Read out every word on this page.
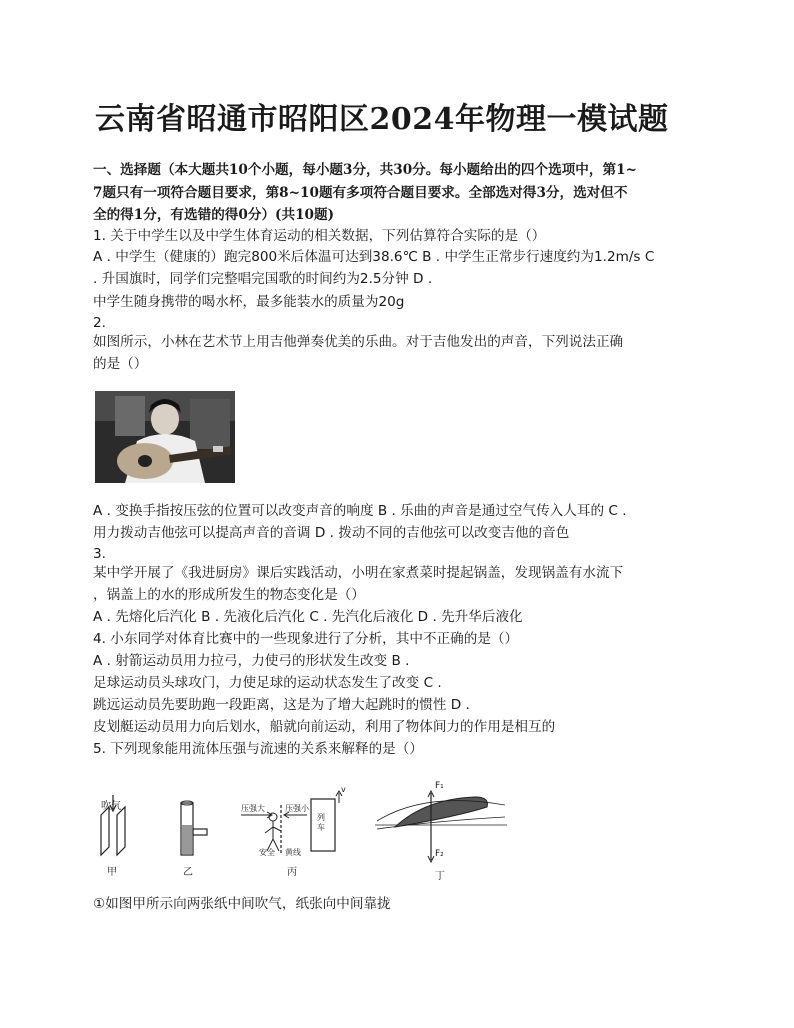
云南省昭通市昭阳区2024年物理一模试题
一、选择题（本大题共10个小题，每小题3分，共30分。每小题给出的四个选项中，第1~
7题只有一项符合题目要求，第8~10题有多项符合题目要求。全部选对得3分，选对但不
全的得1分，有选错的得0分）(共10题)
1. 关于中学生以及中学生体育运动的相关数据，下列估算符合实际的是（）
A . 中学生（健康的）跑完800米后体温可达到38.6℃ B . 中学生正常步行速度约为1.2m/s C
. 升国旗时，同学们完整唱完国歌的时间约为2.5分钟 D .
中学生随身携带的喝水杯，最多能装水的质量为20g
2.
如图所示，小林在艺术节上用吉他弹奏优美的乐曲。对于吉他发出的声音，下列说法正确
的是（）
A . 变换手指按压弦的位置可以改变声音的响度 B . 乐曲的声音是通过空气传入人耳的 C .
用力拨动吉他弦可以提高声音的音调 D . 拨动不同的吉他弦可以改变吉他的音色
3.
某中学开展了《我进厨房》课后实践活动，小明在家煮菜时提起锅盖，发现锅盖有水流下
，锅盖上的水的形成所发生的物态变化是（）
A . 先熔化后汽化 B . 先液化后汽化 C . 先汽化后液化 D . 先升华后液化
4. 小东同学对体育比赛中的一些现象进行了分析，其中不正确的是（）
A . 射箭运动员用力拉弓，力使弓的形状发生改变 B .
足球运动员头球攻门，力使足球的运动状态发生了改变 C .
跳远运动员先要助跑一段距离，这是为了增大起跳时的惯性 D .
皮划艇运动员用力向后划水，船就向前运动，利用了物体间力的作用是相互的
5. 下列现象能用流体压强与流速的关系来解释的是（）
吹气
甲	乙
压强大	压强小
列车
安全 黄线
v
丙
F₁
F₂
丁
①如图甲所示向两张纸中间吹气，纸张向中间靠拢
